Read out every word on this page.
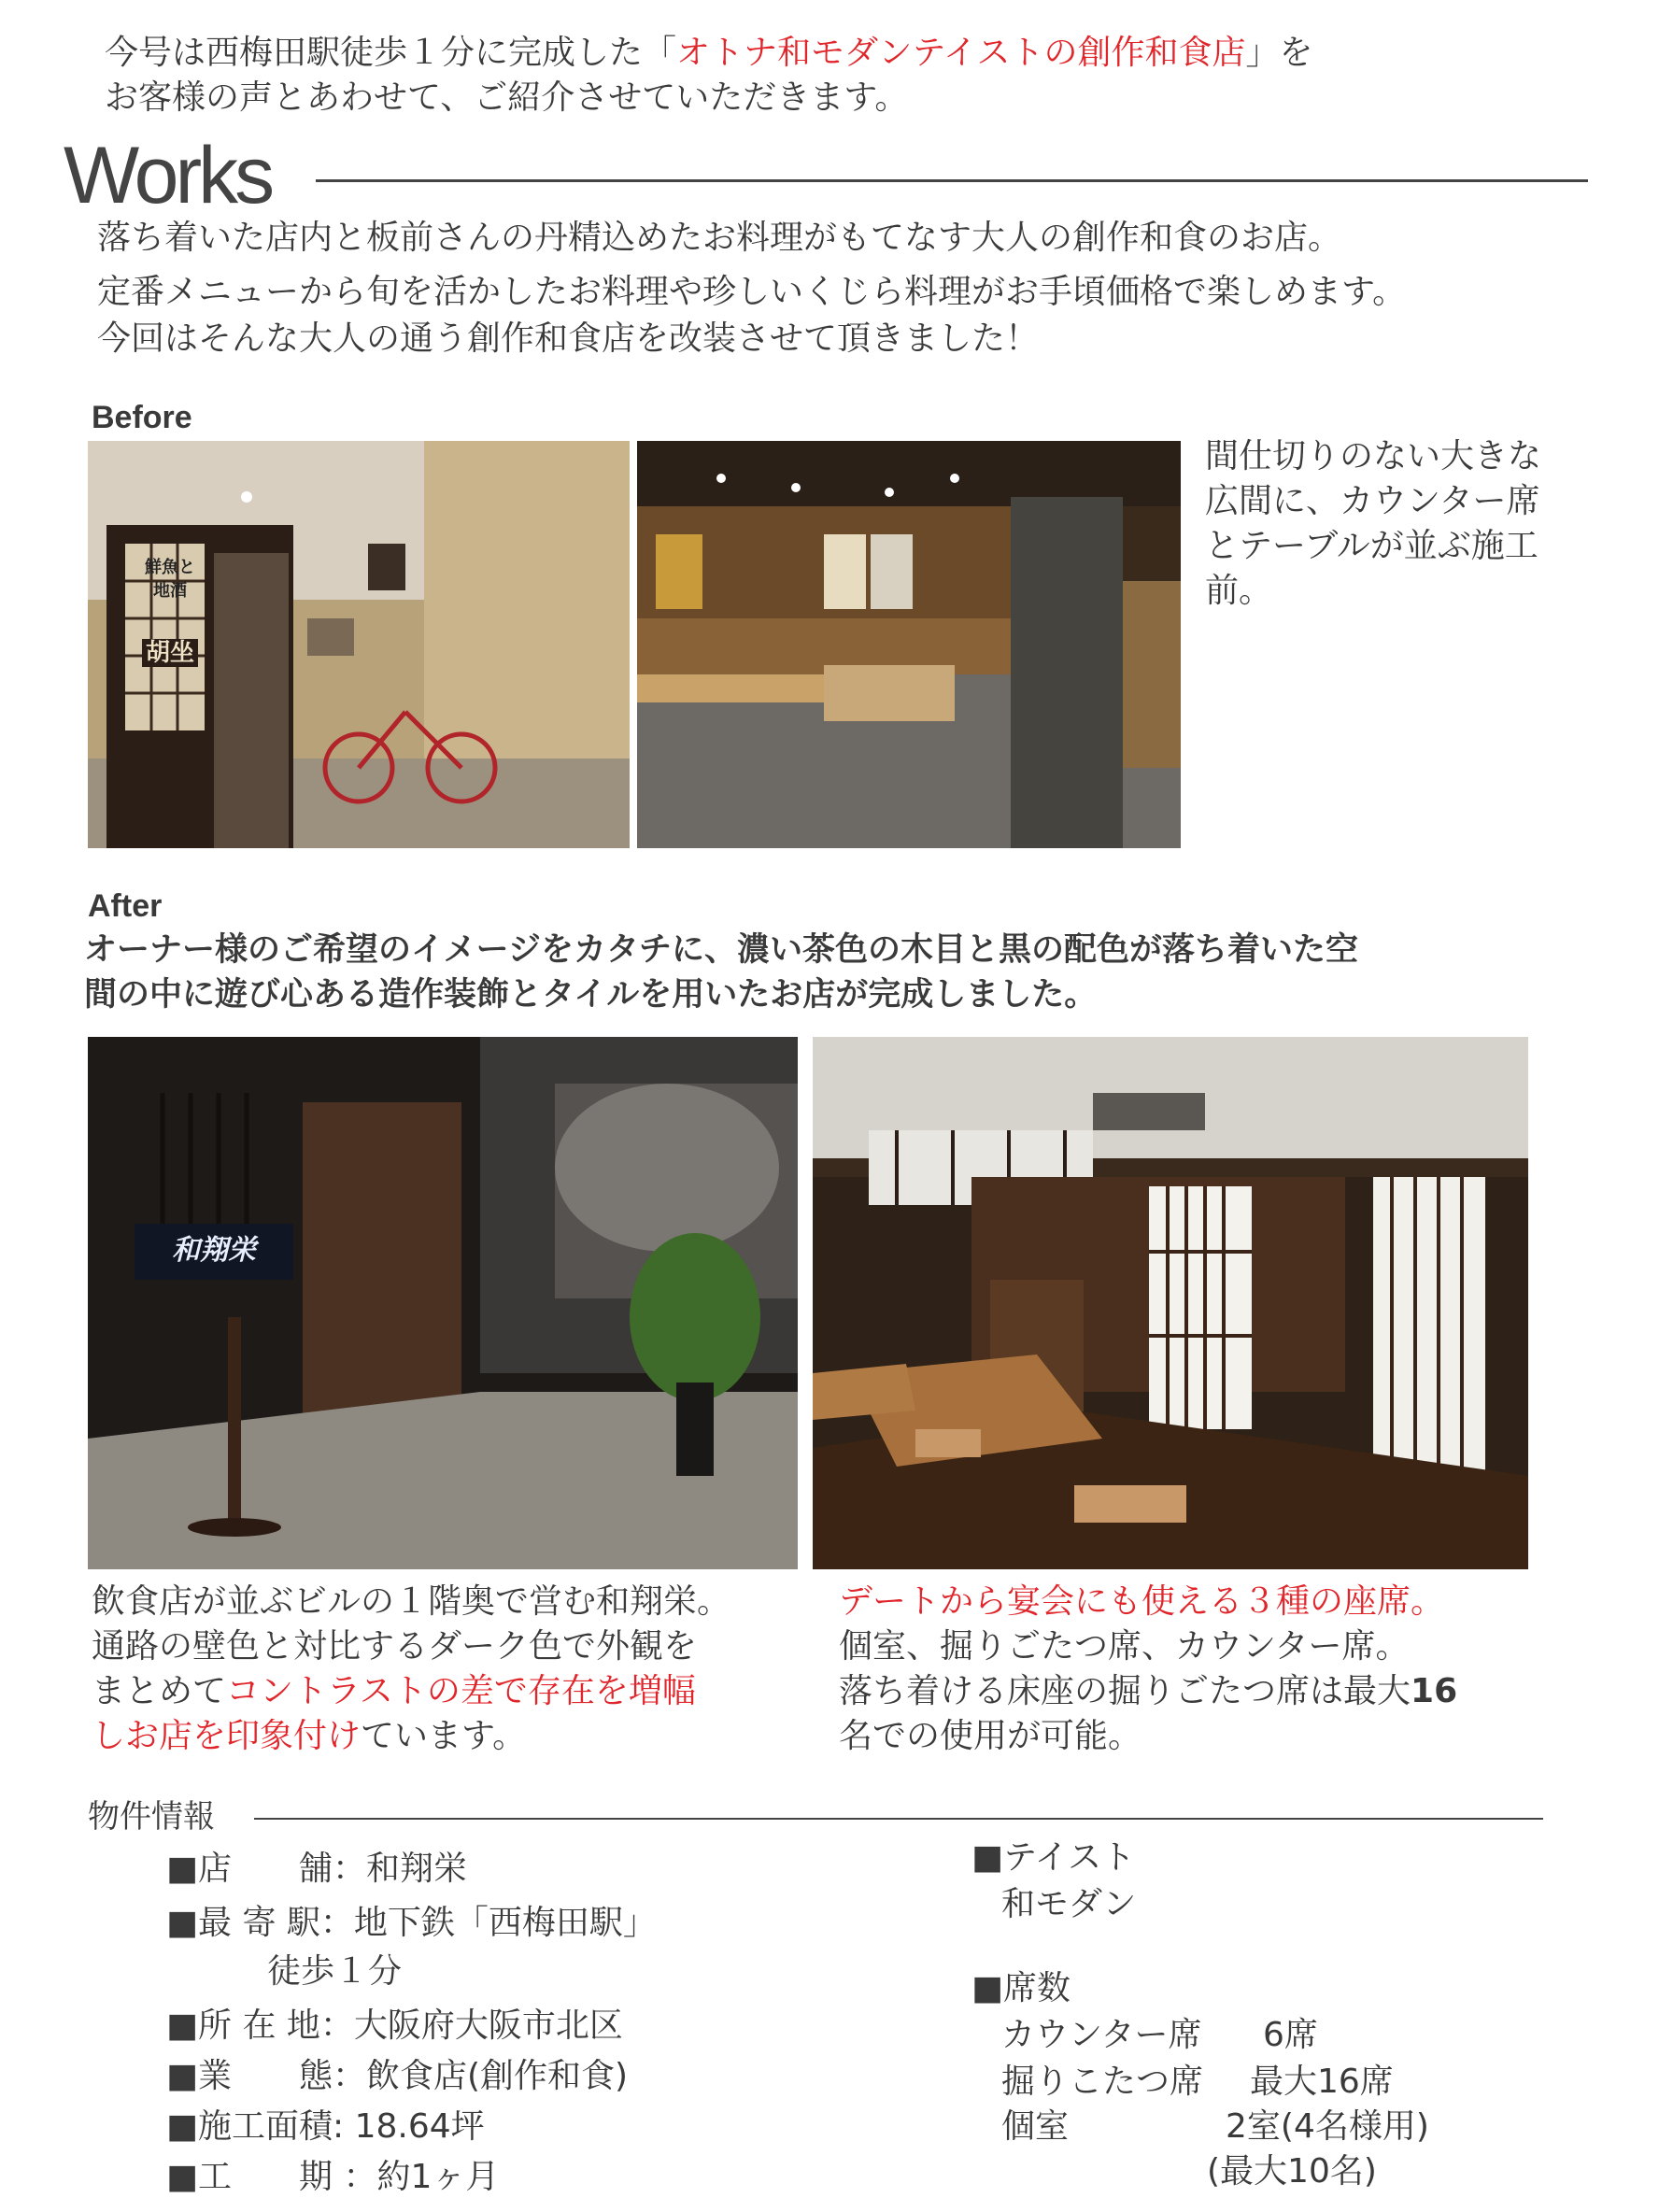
今号は西梅田駅徒歩１分に完成した「オトナ和モダンテイストの創作和食店」を
お客様の声とあわせて、ご紹介させていただきます。
Works
落ち着いた店内と板前さんの丹精込めたお料理がもてなす大人の創作和食のお店。
定番メニューから旬を活かしたお料理や珍しいくじら料理がお手頃価格で楽しめます。
今回はそんな大人の通う創作和食店を改装させて頂きました！
Before
鮮魚と
地酒
胡坐
間仕切りのない大きな
広間に、カウンター席
とテーブルが並ぶ施工
前。
After
オーナー様のご希望のイメージをカタチに、濃い茶色の木目と黒の配色が落ち着いた空
間の中に遊び心ある造作装飾とタイルを用いたお店が完成しました。
和翔栄
飲食店が並ぶビルの１階奥で営む和翔栄。
通路の壁色と対比するダーク色で外観を
まとめてコントラストの差で存在を増幅
しお店を印象付けています。
デートから宴会にも使える３種の座席。
個室、掘りごたつ席、カウンター席。
落ち着ける床座の掘りごたつ席は最大16
名での使用が可能。
物件情報
■店　　舗：和翔栄
■最 寄 駅：地下鉄「西梅田駅」
　　　徒歩１分
■所 在 地：大阪府大阪市北区
■業　　態：飲食店(創作和食)
■施工面積: 18.64坪
■工　　期 ：約1ヶ月
■テイスト
和モダン
■席数
カウンター席 6席
掘りこたつ席 最大16席
個室	2室(4名様用)
(最大10名)
